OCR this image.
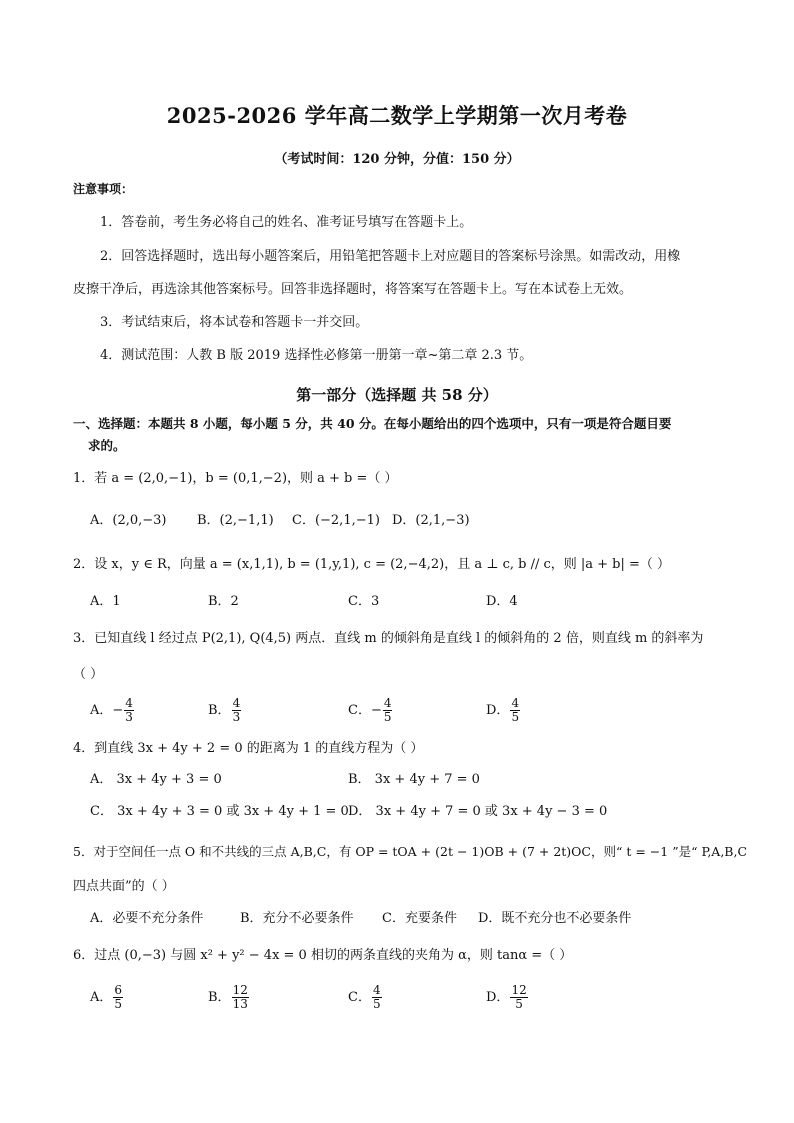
2025-2026 学年高二数学上学期第一次月考卷
（考试时间：120 分钟，分值：150 分）
注意事项：
1．答卷前，考生务必将自己的姓名、准考证号填写在答题卡上。
2．回答选择题时，选出每小题答案后，用铅笔把答题卡上对应题目的答案标号涂黑。如需改动，用橡
皮擦干净后，再选涂其他答案标号。回答非选择题时，将答案写在答题卡上。写在本试卷上无效。
3．考试结束后，将本试卷和答题卡一并交回。
4．测试范围：人教 B 版 2019 选择性必修第一册第一章~第二章 2.3 节。
第一部分（选择题 共 58 分）
一、选择题：本题共 8 小题，每小题 5 分，共 40 分。在每小题给出的四个选项中，只有一项是符合题目要
求的。
1．若 a = (2,0,−1)，b = (0,1,−2)，则 a + b =（ ）
A．(2,0,−3) B．(2,−1,1) C．(−2,1,−1) D．(2,1,−3)
2．设 x，y ∈ R，向量 a = (x,1,1), b = (1,y,1), c = (2,−4,2)，且 a ⊥ c, b // c，则 |a + b| =（ ）
A．1	B．2	C．3	D．4
3．已知直线 l 经过点 P(2,1), Q(4,5) 两点．直线 m 的倾斜角是直线 l 的倾斜角的 2 倍，则直线 m 的斜率为
（ ）
A．− $\frac{4}{3}$	B． $\frac{4}{3}$	C．− $\frac{4}{5}$	D． $\frac{4}{5}$
4．到直线 3x + 4y + 2 = 0 的距离为 1 的直线方程为（ ）
A． 3x + 4y + 3 = 0	B． 3x + 4y + 7 = 0
C． 3x + 4y + 3 = 0 或 3x + 4y + 1 = 0 D． 3x + 4y + 7 = 0 或 3x + 4y − 3 = 0
5．对于空间任一点 O 和不共线的三点 A,B,C，有 OP = tOA + (2t − 1)OB + (7 + 2t)OC，则“ t = −1 ”是“ P,A,B,C
四点共面”的（ ）
A．必要不充分条件	B．充分不必要条件 C．充要条件 D．既不充分也不必要条件
6．过点 (0,−3) 与圆 x² + y² − 4x = 0 相切的两条直线的夹角为 α，则 tanα =（ ）
A． $\frac{6}{5}$	B． $\frac{12}{13}$	C． $\frac{4}{5}$	D． $\frac{12}{5}$
